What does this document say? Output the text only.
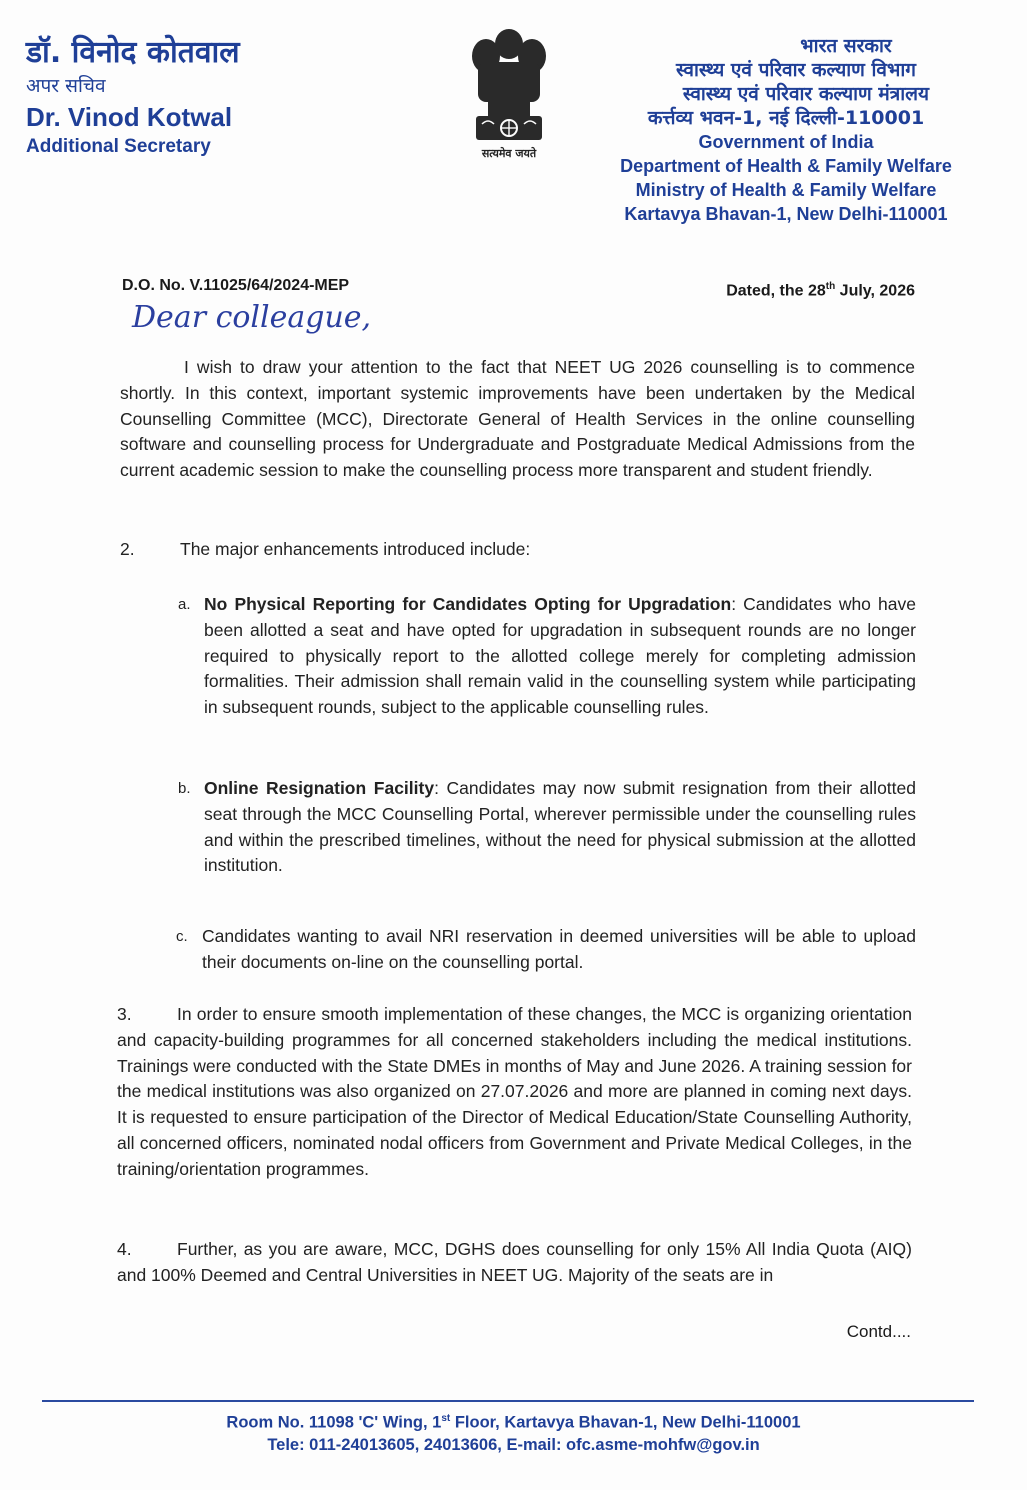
डॉ. विनोद कोतवाल
अपर सचिव
Dr. Vinod Kotwal
Additional Secretary	सत्यमेव जयते
भारत सरकार
स्वास्थ्य एवं परिवार कल्याण विभाग
स्वास्थ्य एवं परिवार कल्याण मंत्रालय
कर्त्तव्य भवन-1, नई दिल्ली-110001
Government of India
Department of Health & Family Welfare
Ministry of Health & Family Welfare
Kartavya Bhavan-1, New Delhi-110001
D.O. No. V.11025/64/2024-MEP	Dated, the 28th July, 2026
Dear colleague,
I wish to draw your attention to the fact that NEET UG 2026 counselling is to commence shortly. In this context, important systemic improvements have been undertaken by the Medical Counselling Committee (MCC), Directorate General of Health Services in the online counselling software and counselling process for Undergraduate and Postgraduate Medical Admissions from the current academic session to make the counselling process more transparent and student friendly.
2.	The major enhancements introduced include:
a. No Physical Reporting for Candidates Opting for Upgradation: Candidates who have been allotted a seat and have opted for upgradation in subsequent rounds are no longer required to physically report to the allotted college merely for completing admission formalities. Their admission shall remain valid in the counselling system while participating in subsequent rounds, subject to the applicable counselling rules.
b. Online Resignation Facility: Candidates may now submit resignation from their allotted seat through the MCC Counselling Portal, wherever permissible under the counselling rules and within the prescribed timelines, without the need for physical submission at the allotted institution.
c. Candidates wanting to avail NRI reservation in deemed universities will be able to upload their documents on-line on the counselling portal.
3.	In order to ensure smooth implementation of these changes, the MCC is organizing orientation and capacity-building programmes for all concerned stakeholders including the medical institutions. Trainings were conducted with the State DMEs in months of May and June 2026. A training session for the medical institutions was also organized on 27.07.2026 and more are planned in coming next days. It is requested to ensure participation of the Director of Medical Education/State Counselling Authority, all concerned officers, nominated nodal officers from Government and Private Medical Colleges, in the training/orientation programmes.
4.	Further, as you are aware, MCC, DGHS does counselling for only 15% All India Quota (AIQ) and 100% Deemed and Central Universities in NEET UG. Majority of the seats are in
Contd....
Room No. 11098 'C' Wing, 1st Floor, Kartavya Bhavan-1, New Delhi-110001
Tele: 011-24013605, 24013606, E-mail: ofc.asme-mohfw@gov.in
